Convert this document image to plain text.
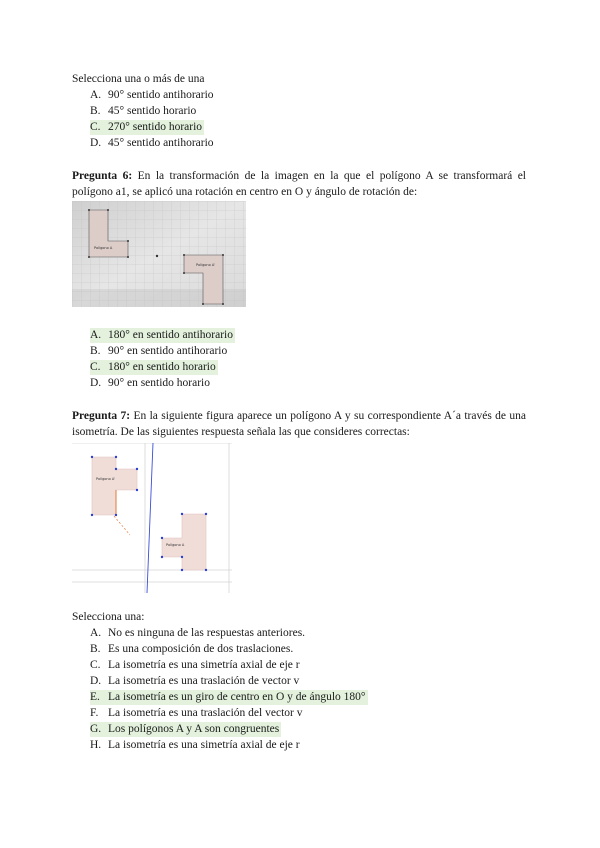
Selecciona una o más de una
A. 90° sentido antihorario
B. 45° sentido horario
C. 270° sentido horario
D. 45° sentido antihorario
Pregunta 6: En la transformación de la imagen en la que el polígono A se transformará el polígono a1, se aplicó una rotación en centro en O y ángulo de rotación de:
Polígono A
Polígono A'
A. 180° en sentido antihorario
B. 90° en sentido antihorario
C. 180° en sentido horario
D. 90° en sentido horario
Pregunta 7: En la siguiente figura aparece un polígono A y su correspondiente A´a través de una isometría. De las siguientes respuesta señala las que consideres correctas:
Polígono A'
Polígono A
Selecciona una:
A. No es ninguna de las respuestas anteriores.
B. Es una composición de dos traslaciones.
C. La isometría es una simetría axial de eje r
D. La isometría es una traslación de vector v
E. La isometría es un giro de centro en O y de ángulo 180°
F. La isometría es una traslación del vector v
G. Los polígonos A y A son congruentes
H. La isometría es una simetría axial de eje r
